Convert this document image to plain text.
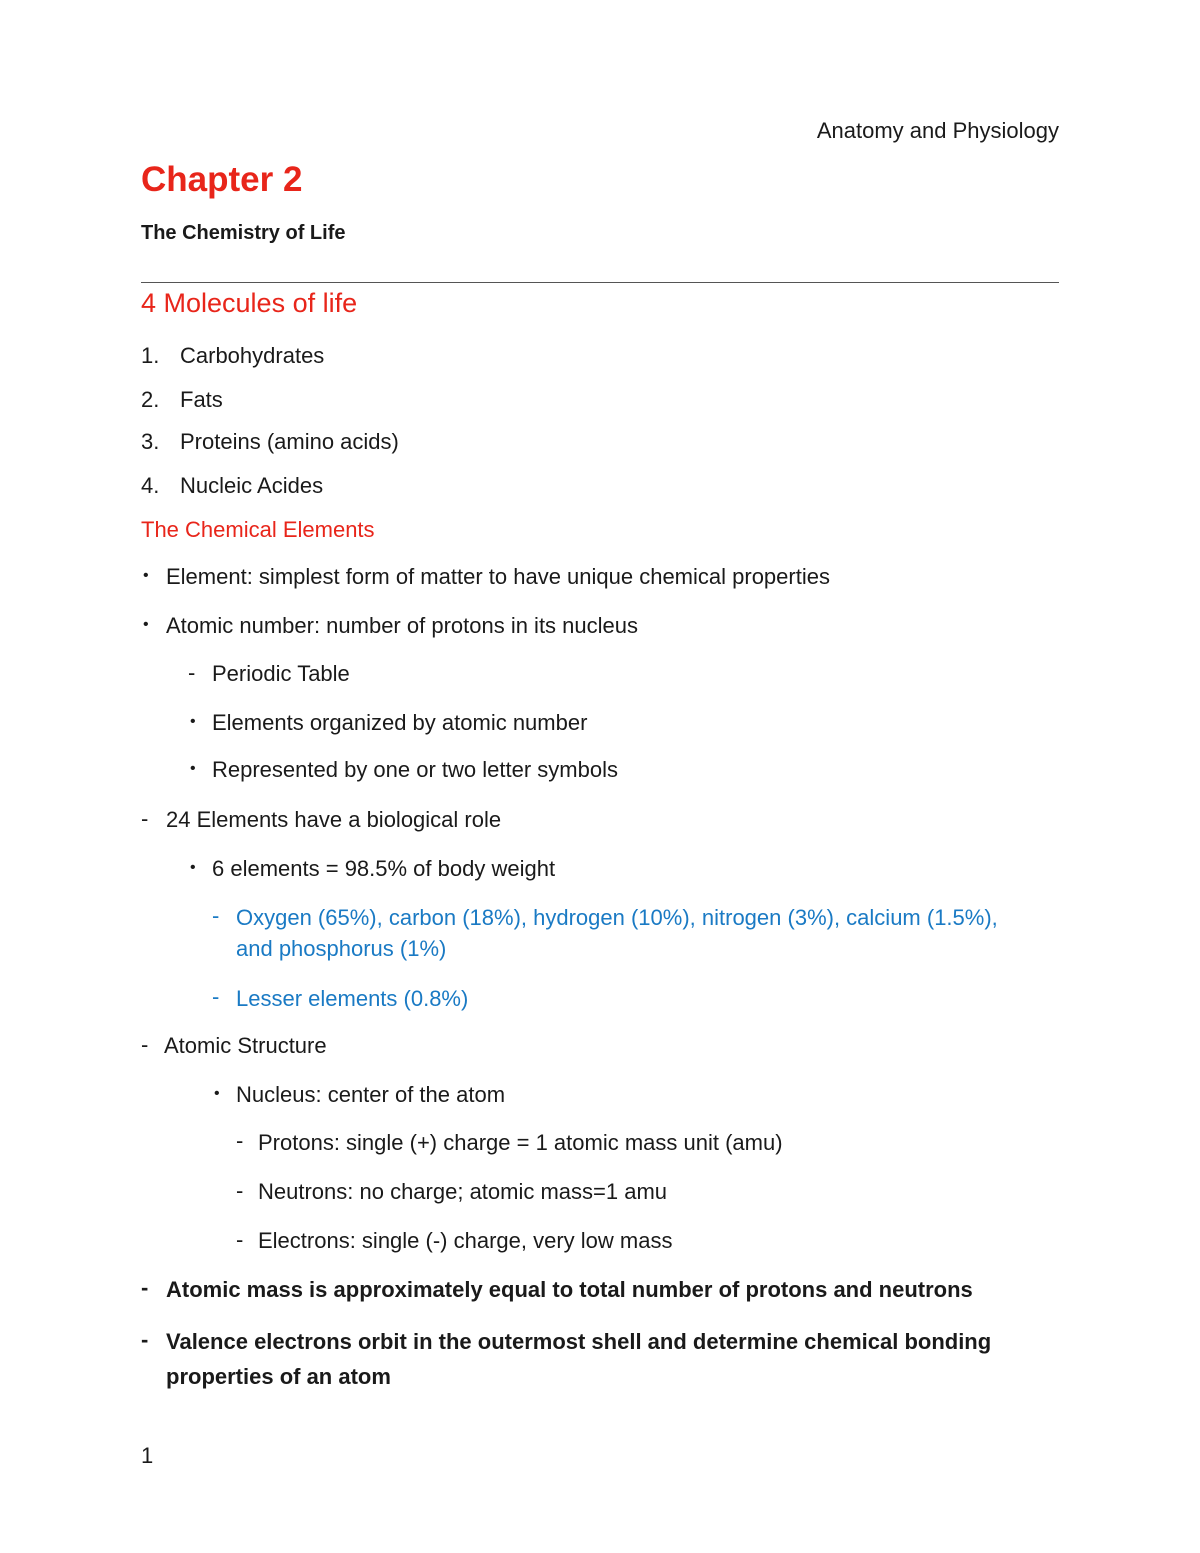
Anatomy and Physiology
Chapter 2
The Chemistry of Life
4 Molecules of life
1. Carbohydrates
2. Fats
3. Proteins (amino acids)
4. Nucleic Acides
The Chemical Elements
• Element: simplest form of matter to have unique chemical properties
• Atomic number: number of protons in its nucleus
- Periodic Table
• Elements organized by atomic number
• Represented by one or two letter symbols
- 24 Elements have a biological role
• 6 elements = 98.5% of body weight
- Oxygen (65%), carbon (18%), hydrogen (10%), nitrogen (3%), calcium (1.5%),
and phosphorus (1%)
- Lesser elements (0.8%)
- Atomic Structure
• Nucleus: center of the atom
- Protons: single (+) charge = 1 atomic mass unit (amu)
- Neutrons: no charge; atomic mass=1 amu
- Electrons: single (-) charge, very low mass
- Atomic mass is approximately equal to total number of protons and neutrons
- Valence electrons orbit in the outermost shell and determine chemical bonding
properties of an atom
1
